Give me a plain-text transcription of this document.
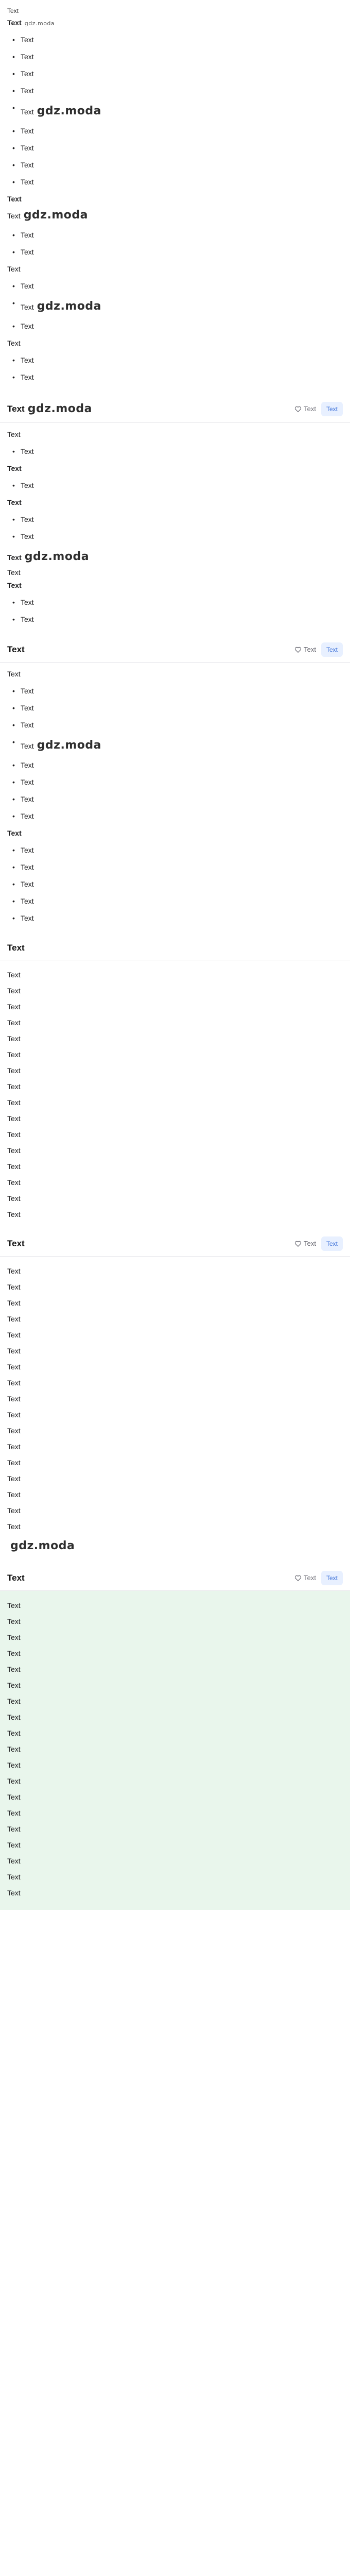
Text
Text gdz.moda
• Text
• Text
• Text
• Text
• Text gdz.moda
• Text
• Text
• Text
• Text
Text
Text gdz.moda
• Text
• Text
Text
• Text
• Text gdz.moda
• Text
Text
• Text
• Text
Text gdz.moda	Text	Text
Text
• Text
Text
• Text
Text
• Text
• Text
Text gdz.moda
Text
Text
• Text
• Text
Text	Text	Text
Text
• Text
• Text
• Text
• Text gdz.moda
• Text
• Text
• Text
• Text
Text
• Text
• Text
• Text
• Text
• Text
Text
Text
Text
Text
Text
Text
Text
Text
Text
Text
Text
Text
Text
Text
Text
Text
Text
Text	Text	Text
Text
Text
Text
Text
Text
Text
Text
Text
Text
Text
Text
Text
Text
Text
Text
Text
Text
gdz.moda
Text	Text	Text
Text
Text
Text
Text
Text
Text
Text
Text
Text
Text
Text
Text
Text
Text
Text
Text
Text
Text
Text
